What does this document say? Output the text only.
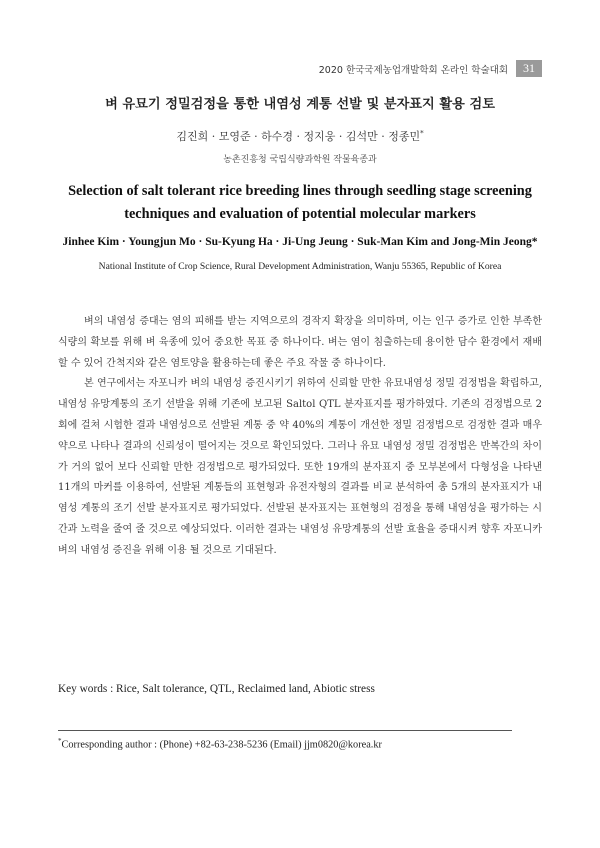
2020 한국국제농업개발학회 온라인 학술대회	31
벼 유묘기 정밀검정을 통한 내염성 계통 선발 및 분자표지 활용 검토
김진희 · 모영준 · 하수경 · 정지웅 · 김석만 · 정종민*
농촌진흥청 국립식량과학원 작물육종과
Selection of salt tolerant rice breeding lines through seedling stage screening techniques and evaluation of potential molecular markers
Jinhee Kim · Youngjun Mo · Su-Kyung Ha · Ji-Ung Jeung · Suk-Man Kim and Jong-Min Jeong*
National Institute of Crop Science, Rural Development Administration, Wanju 55365, Republic of Korea

벼의 내염성 증대는 염의 피해를 받는 지역으로의 경작지 확장을 의미하며, 이는 인구 증가로 인한 부족한 식량의 확보를 위해 벼 육종에 있어 중요한 목표 중 하나이다. 벼는 염이 침출하는데 용이한 담수 환경에서 재배할 수 있어 간척지와 같은 염토양을 활용하는데 좋은 주요 작물 중 하나이다.

본 연구에서는 자포니카 벼의 내염성 증진시키기 위하여 신뢰할 만한 유묘내염성 정밀 검정법을 확립하고, 내염성 유망계통의 조기 선발을 위해 기존에 보고된 Saltol QTL 분자표지를 평가하였다. 기존의 검정법으로 2회에 걸쳐 시험한 결과 내염성으로 선발된 계통 중 약 40%의 계통이 개선한 정밀 검정법으로 검정한 결과 매우 약으로 나타나 결과의 신뢰성이 떨어지는 것으로 확인되었다. 그러나 유묘 내염성 정밀 검정법은 반복간의 차이가 거의 없어 보다 신뢰할 만한 검정법으로 평가되었다. 또한 19개의 분자표지 중 모부본에서 다형성을 나타낸 11개의 마커를 이용하여, 선발된 계통들의 표현형과 유전자형의 결과를 비교 분석하여 총 5개의 분자표지가 내염성 계통의 조기 선발 분자표지로 평가되었다. 선발된 분자표지는 표현형의 검정을 통해 내염성을 평가하는 시간과 노력을 줄여 줄 것으로 예상되었다. 이러한 결과는 내염성 유망계통의 선발 효율을 증대시켜 향후 자포니카 벼의 내염성 증진을 위해 이용 될 것으로 기대된다.

Key words : Rice, Salt tolerance, QTL, Reclaimed land, Abiotic stress
*Corresponding author : (Phone) +82-63-238-5236 (Email) jjm0820@korea.kr
